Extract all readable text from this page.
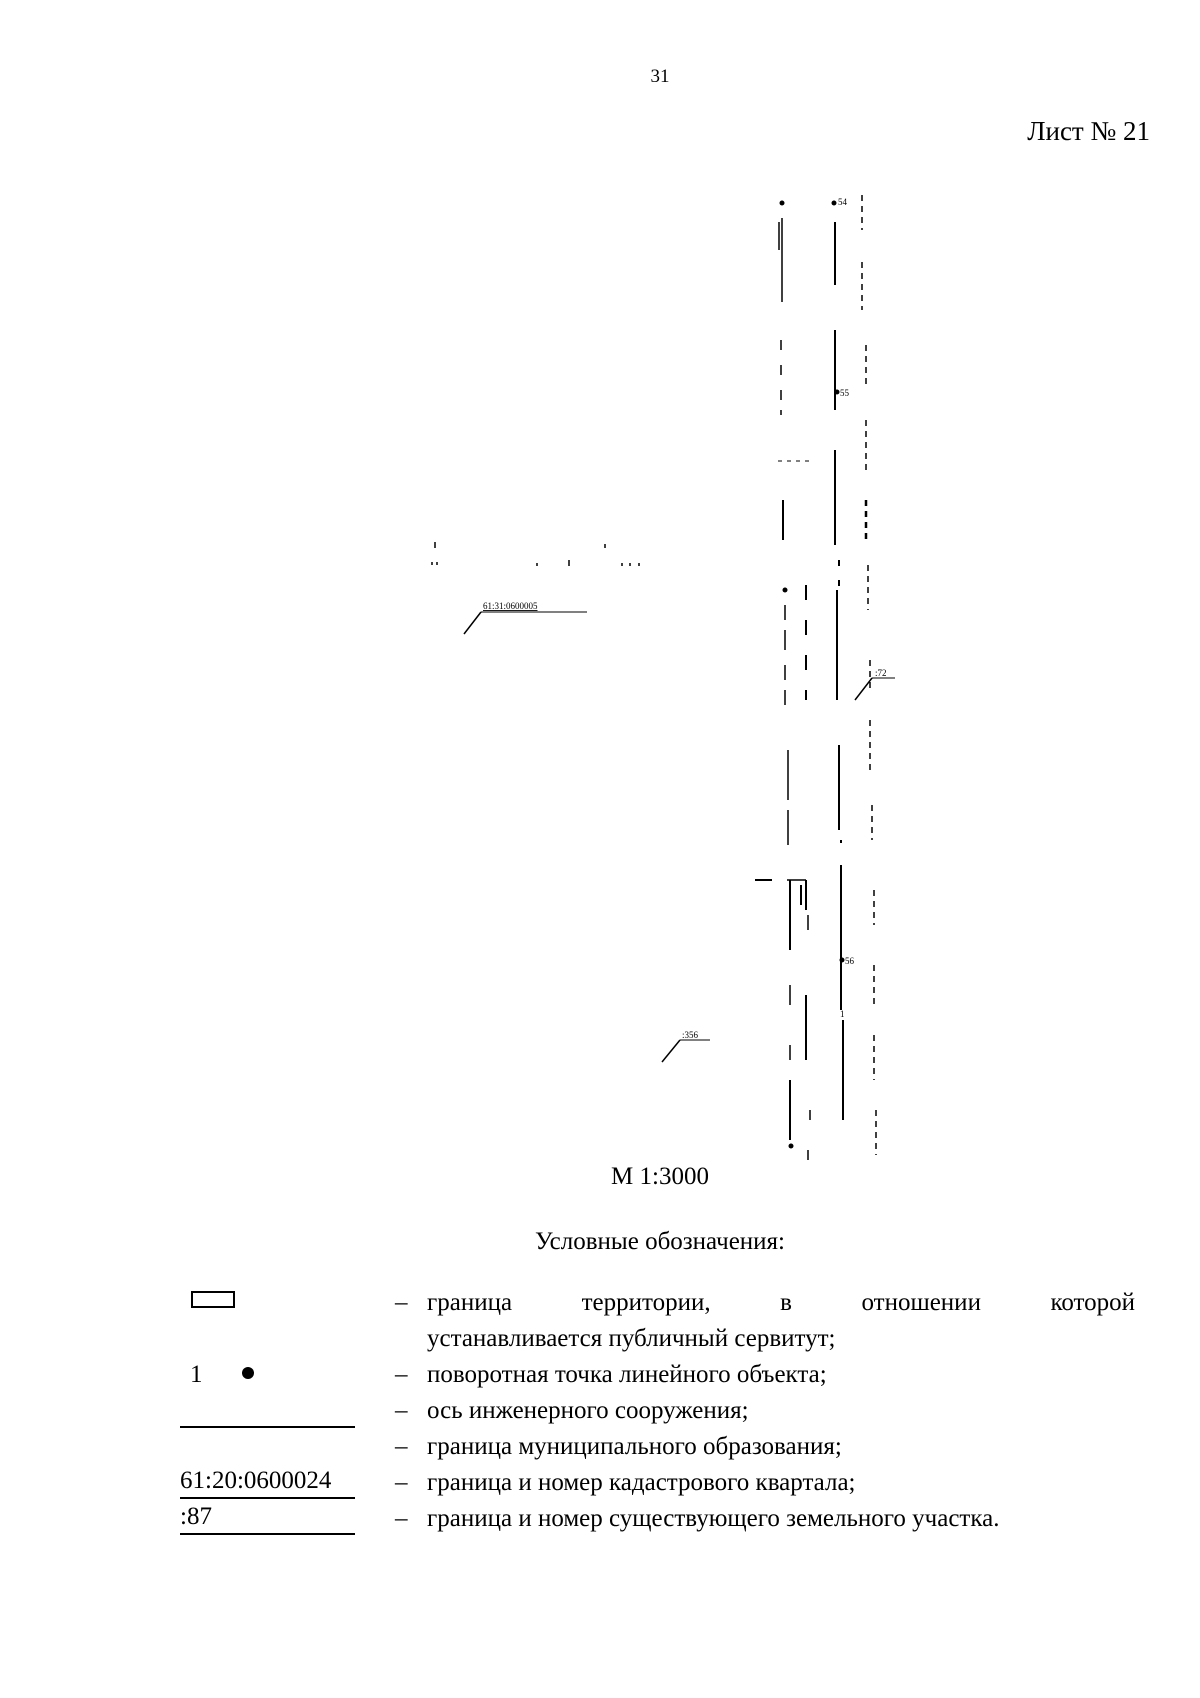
31
Лист № 21
61:31:0600005
:72
:356
54
55
56
1
М 1:3000
Условные обозначения:
– граница территории, в отношении которой
устанавливается публичный сервитут;
1	– поворотная точка линейного объекта;
– ось инженерного сооружения;
– граница муниципального образования;
61:20:0600024	– граница и номер кадастрового квартала;
:87	– граница и номер существующего земельного участка.
